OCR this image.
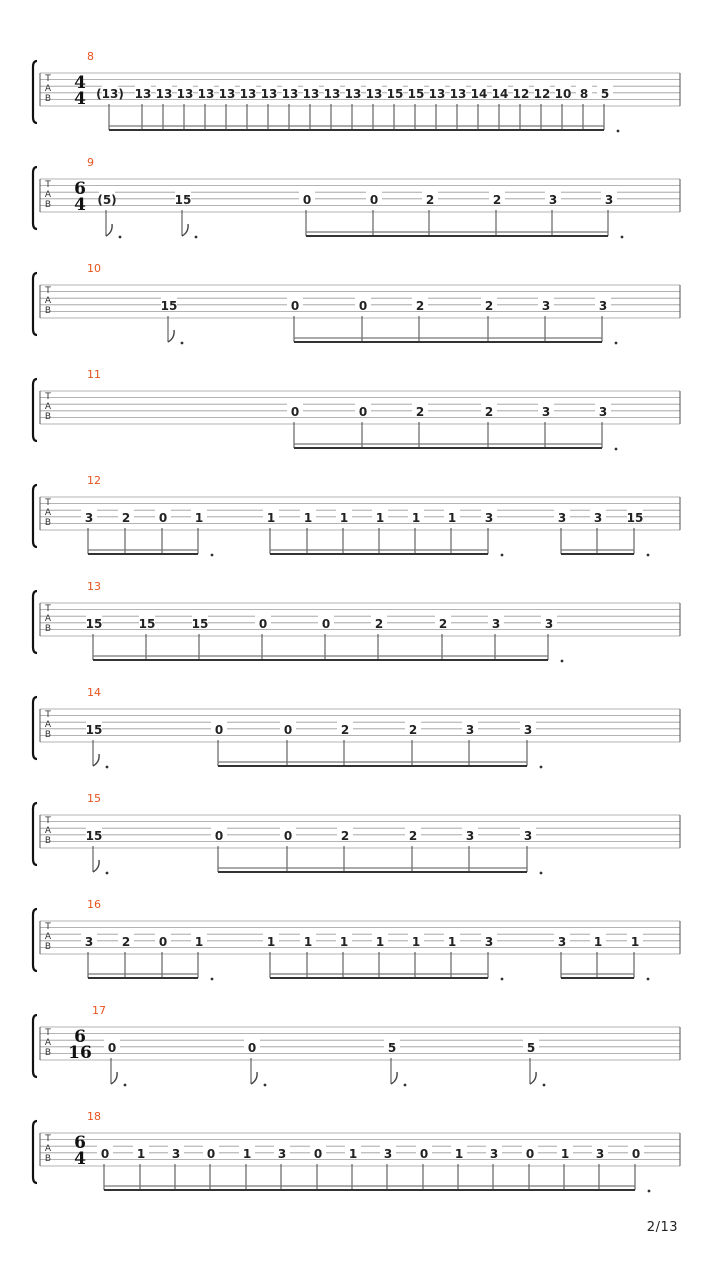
T
A
B
8
4
4 (13) 13 13 13 13 13 13 13 13 13 13 13 13 15 15 13 13 14 14 12 12 10 8 5
T
A
B
9
6
4 (5)	15	0	0	2	2	3	3
T
A
B
10
15	0	0	2	2	3	3
T
A
B
11
0	0	2	2	3	3
T
A
B
12
3 2 0 1	1 1 1 1 1 1 3	3 3 15
T
A
B
13
15	15	15	0	0	2	2	3	3
T
A
B
14
15	0	0	2	2	3	3
T
A
B
15
15	0	0	2	2	3	3
T
A
B
16
3 2 0 1	1 1 1 1 1 1 3	3 1 1
T
A
B
17
6
16 0	0	5	5
T
A
B
18
6
4 0 1 3 0 1 3 0 1 3 0 1 3 0 1 3 0
2/13
